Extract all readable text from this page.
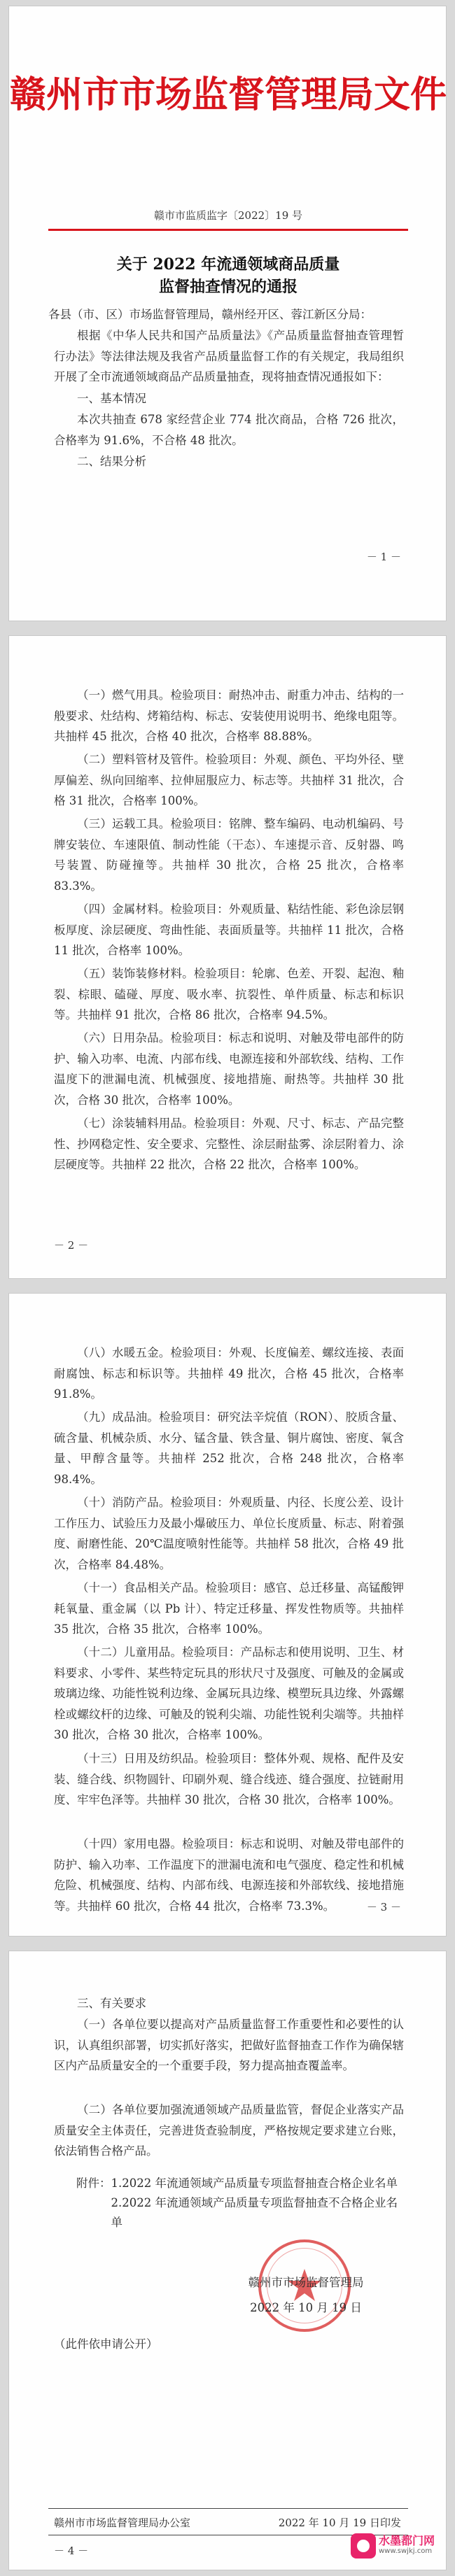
赣州市市场监督管理局文件
赣市市监质监字〔2022〕19 号
关于 2022 年流通领域商品质量
监督抽查情况的通报
各县（市、区）市场监督管理局，赣州经开区、蓉江新区分局：
根据《中华人民共和国产品质量法》《产品质量监督抽查管理暂行办法》等法律法规及我省产品质量监督工作的有关规定，我局组织开展了全市流通领域商品产品质量抽查，现将抽查情况通报如下：
一、基本情况
本次共抽查 678 家经营企业 774 批次商品，合格 726 批次，合格率为 91.6%，不合格 48 批次。
二、结果分析
－ 1 －
（一）燃气用具。检验项目：耐热冲击、耐重力冲击、结构的一般要求、灶结构、烤箱结构、标志、安装使用说明书、绝缘电阻等。共抽样 45 批次，合格 40 批次，合格率 88.88%。
（二）塑料管材及管件。检验项目：外观、颜色、平均外径、壁厚偏差、纵向回缩率、拉伸屈服应力、标志等。共抽样 31 批次，合格 31 批次，合格率 100%。
（三）运载工具。检验项目：铭牌、整车编码、电动机编码、号牌安装位、车速限值、制动性能（干态）、车速提示音、反射器、鸣号装置、防碰撞等。共抽样 30 批次，合格 25 批次，合格率 83.3%。
（四）金属材料。检验项目：外观质量、粘结性能、彩色涂层钢板厚度、涂层硬度、弯曲性能、表面质量等。共抽样 11 批次，合格 11 批次，合格率 100%。
（五）装饰装修材料。检验项目：轮廓、色差、开裂、起泡、釉裂、棕眼、磕碰、厚度、吸水率、抗裂性、单件质量、标志和标识等。共抽样 91 批次，合格 86 批次，合格率 94.5%。
（六）日用杂品。检验项目：标志和说明、对触及带电部件的防护、输入功率、电流、内部布线、电源连接和外部软线、结构、工作温度下的泄漏电流、机械强度、接地措施、耐热等。共抽样 30 批次，合格 30 批次，合格率 100%。
（七）涂装辅料用品。检验项目：外观、尺寸、标志、产品完整性、抄网稳定性、安全要求、完整性、涂层耐盐雾、涂层附着力、涂层硬度等。共抽样 22 批次，合格 22 批次，合格率 100%。
－ 2 －
（八）水暖五金。检验项目：外观、长度偏差、螺纹连接、表面耐腐蚀、标志和标识等。共抽样 49 批次，合格 45 批次，合格率 91.8%。
（九）成品油。检验项目：研究法辛烷值（RON）、胶质含量、硫含量、机械杂质、水分、锰含量、铁含量、铜片腐蚀、密度、氧含量、甲醇含量等。共抽样 252 批次，合格 248 批次，合格率 98.4%。
（十）消防产品。检验项目：外观质量、内径、长度公差、设计工作压力、试验压力及最小爆破压力、单位长度质量、标志、附着强度、耐磨性能、20℃温度喷射性能等。共抽样 58 批次，合格 49 批次，合格率 84.48%。
（十一）食品相关产品。检验项目：感官、总迁移量、高锰酸钾耗氧量、重金属（以 Pb 计）、特定迁移量、挥发性物质等。共抽样 35 批次，合格 35 批次，合格率 100%。
（十二）儿童用品。检验项目：产品标志和使用说明、卫生、材料要求、小零件、某些特定玩具的形状尺寸及强度、可触及的金属或玻璃边缘、功能性锐利边缘、金属玩具边缘、模塑玩具边缘、外露螺栓或螺纹杆的边缘、可触及的锐利尖端、功能性锐利尖端等。共抽样 30 批次，合格 30 批次，合格率 100%。
（十三）日用及纺织品。检验项目：整体外观、规格、配件及安装、缝合线、织物圆针、印刷外观、缝合线迹、缝合强度、拉链耐用度、牢牢色泽等。共抽样 30 批次，合格 30 批次，合格率 100%。
（十四）家用电器。检验项目：标志和说明、对触及带电部件的防护、输入功率、工作温度下的泄漏电流和电气强度、稳定性和机械危险、机械强度、结构、内部布线、电源连接和外部软线、接地措施等。共抽样 60 批次，合格 44 批次，合格率 73.3%。	－ 3 －
三、有关要求
（一）各单位要以提高对产品质量监督工作重要性和必要性的认识，认真组织部署，切实抓好落实，把做好监督抽查工作作为确保辖区内产品质量安全的一个重要手段，努力提高抽查覆盖率。
（二）各单位要加强流通领域产品质量监管，督促企业落实产品质量安全主体责任，完善进货查验制度，严格按规定要求建立台账，依法销售合格产品。
附件：1.2022 年流通领域产品质量专项监督抽查合格企业名单
2.2022 年流通领域产品质量专项监督抽查不合格企业名单
赣州市市场监督管理局
2022 年 10 月 19 日
（此件依申请公开）
赣州市市场监督管理局办公室	2022 年 10 月 19 日印发
－ 4 －
水墨都门网
www.swjkj.com
